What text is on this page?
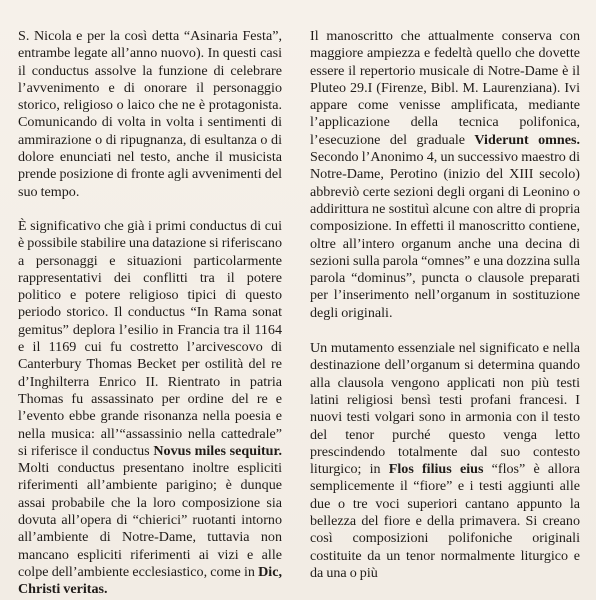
S. Nicola e per la così detta “Asinaria Festa”, entrambe legate all’anno nuovo). In questi casi il conductus assolve la funzione di celebrare l’avvenimento e di onorare il personaggio storico, religioso o laico che ne è protagonista. Comunicando di volta in volta i sentimenti di ammirazione o di ripugnanza, di esultanza o di dolore enunciati nel testo, anche il musicista prende posizione di fronte agli avvenimenti del suo tempo.

È significativo che già i primi conductus di cui è possibile stabilire una datazione si riferiscano a personaggi e situazioni particolarmente rappresentativi dei conflitti tra il potere politico e potere religioso tipici di questo periodo storico. Il conductus “In Rama sonat gemitus” deplora l’esilio in Francia tra il 1164 e il 1169 cui fu costretto l’arcivescovo di Canterbury Thomas Becket per ostilità del re d’Inghilterra Enrico II. Rientrato in patria Thomas fu assassinato per ordine del re e l’evento ebbe grande risonanza nella poesia e nella musica: all’“assassinio nella cattedrale” si riferisce il conductus Novus miles sequitur. Molti conductus presentano inoltre espliciti riferimenti all’ambiente parigino; è dunque assai probabile che la loro composizione sia dovuta all’opera di “chierici” ruotanti intorno all’ambiente di Notre-Dame, tuttavia non mancano espliciti riferimenti ai vizi e alle colpe dell’ambiente ecclesiastico, come in Dic, Christi veritas.

Il manoscritto che attualmente conserva con maggiore ampiezza e fedeltà quello che dovette essere il repertorio musicale di Notre-Dame è il Pluteo 29.I (Firenze, Bibl. M. Laurenziana). Ivi appare come venisse amplificata, mediante l’applicazione della tecnica polifonica, l’esecuzione del graduale Viderunt omnes. Secondo l’Anonimo 4, un successivo maestro di Notre-Dame, Perotino (inizio del XIII secolo) abbreviò certe sezioni degli organi di Leonino o addirittura ne sostituì alcune con altre di propria composizione. In effetti il manoscritto contiene, oltre all’intero organum anche una decina di sezioni sulla parola “omnes” e una dozzina sulla parola “dominus”, puncta o clausole preparati per l’inserimento nell’organum in sostituzione degli originali.

Un mutamento essenziale nel significato e nella destinazione dell’organum si determina quando alla clausola vengono applicati non più testi latini religiosi bensì testi profani francesi. I nuovi testi volgari sono in armonia con il testo del tenor purché questo venga letto prescindendo totalmente dal suo contesto liturgico; in Flos filius eius “flos” è allora semplicemente il “fiore” e i testi aggiunti alle due o tre voci superiori cantano appunto la bellezza del fiore e della primavera. Si creano così composizioni polifoniche originali costituite da un tenor normalmente liturgico e da una o più
